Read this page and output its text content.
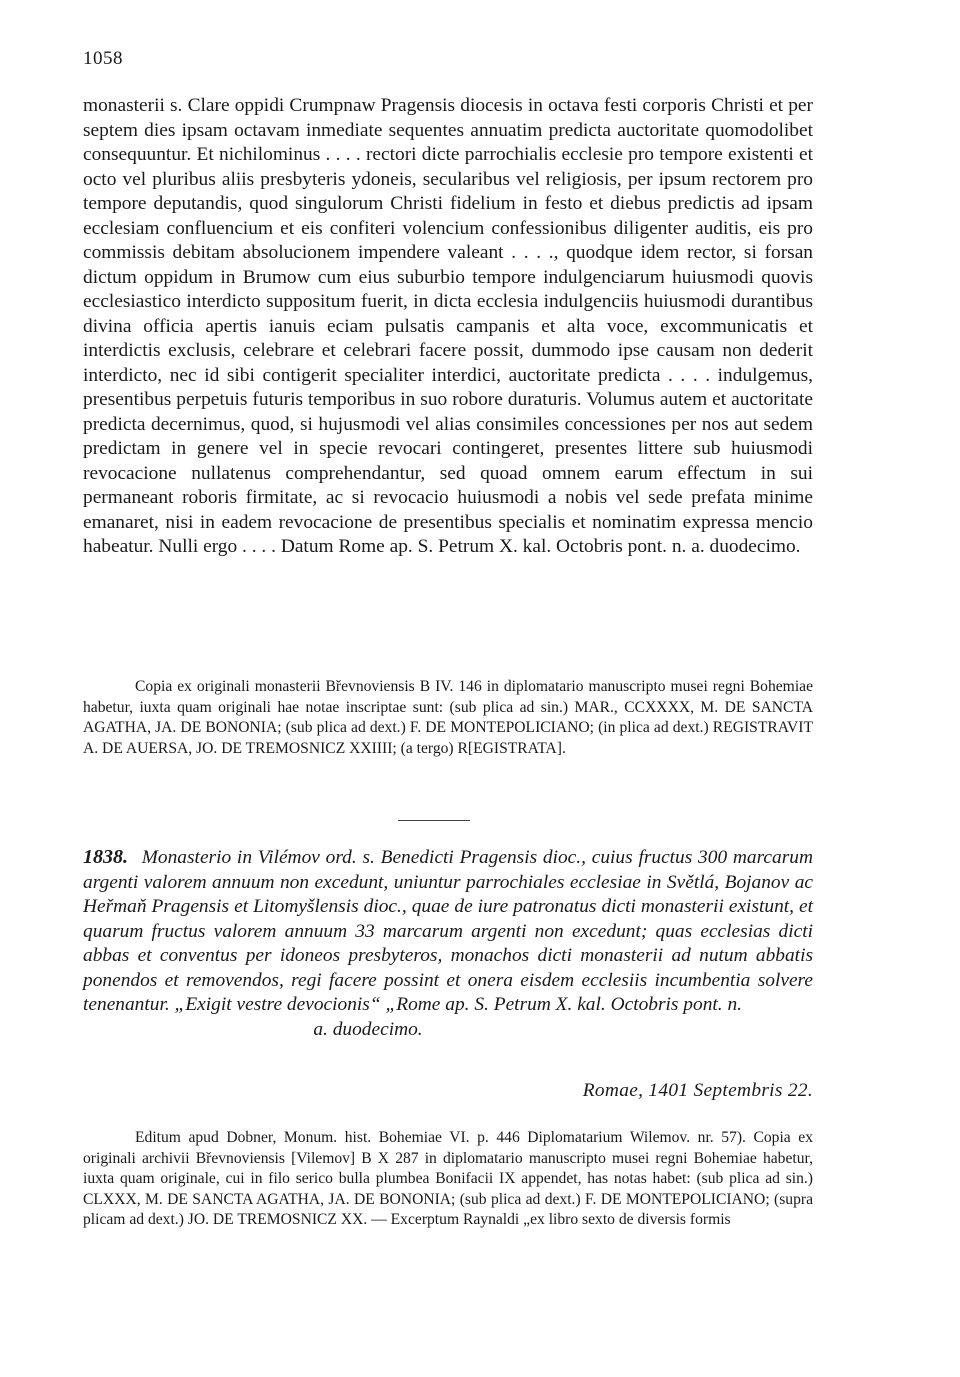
1058

monasterii s. Clare oppidi Crumpnaw Pragensis diocesis in octava festi corporis Christi et per septem dies ipsam octavam inmediate sequentes annuatim predicta auctoritate quomodolibet consequuntur. Et nichilominus . . . . rectori dicte parrochialis ecclesie pro tempore existenti et octo vel pluribus aliis presbyteris ydoneis, secularibus vel religiosis, per ipsum rectorem pro tempore deputandis, quod singulorum Christi fidelium in festo et diebus predictis ad ipsam ecclesiam confluencium et eis confiteri volencium confessionibus diligenter auditis, eis pro commissis debitam absolucionem impendere valeant . . . ., quodque idem rector, si forsan dictum oppidum in Brumow cum eius suburbio tempore indulgenciarum huiusmodi quovis ecclesiastico interdicto suppositum fuerit, in dicta ecclesia indulgenciis huiusmodi durantibus divina officia apertis ianuis eciam pulsatis campanis et alta voce, excommunicatis et interdictis exclusis, celebrare et celebrari facere possit, dummodo ipse causam non dederit interdicto, nec id sibi contigerit specialiter interdici, auctoritate predicta . . . . indulgemus, presentibus perpetuis futuris temporibus in suo robore duraturis. Volumus autem et auctoritate predicta decernimus, quod, si hujusmodi vel alias consimiles concessiones per nos aut sedem predictam in genere vel in specie revocari contingeret, presentes littere sub huiusmodi revocacione nullatenus comprehendantur, sed quoad omnem earum effectum in sui permaneant roboris firmitate, ac si revocacio huiusmodi a nobis vel sede prefata minime emanaret, nisi in eadem revocacione de presentibus specialis et nominatim expressa mencio habeatur. Nulli ergo . . . . Datum Rome ap. S. Petrum X. kal. Octobris pont. n. a. duodecimo.

Copia ex originali monasterii Břevnoviensis B IV. 146 in diplomatario manuscripto musei regni Bohemiae habetur, iuxta quam originali hae notae inscriptae sunt: (sub plica ad sin.) MAR., CCXXXX, M. DE SANCTA AGATHA, JA. DE BONONIA; (sub plica ad dext.) F. DE MONTEPOLICIANO; (in plica ad dext.) REGISTRAVIT A. DE AUERSA, JO. DE TREMOSNICZ XXIIII; (a tergo) R[EGISTRATA].

1838. Monasterio in Vilémov ord. s. Benedicti Pragensis dioc., cuius fructus 300 marcarum argenti valorem annuum non excedunt, uniuntur parrochiales ecclesiae in Světlá, Bojanov ac Heřmaň Pragensis et Litomyšlensis dioc., quae de iure patronatus dicti monasterii existunt, et quarum fructus valorem annuum 33 marcarum argenti non excedunt; quas ecclesias dicti abbas et conventus per idoneos presbyteros, monachos dicti monasterii ad nutum abbatis ponendos et removendos, regi facere possint et onera eisdem ecclesiis incumbentia solvere tenenantur. „Exigit vestre devocionis“ „Rome ap. S. Petrum X. kal. Octobris pont. n.
a. duodecimo.

Romae, 1401 Septembris 22.

Editum apud Dobner, Monum. hist. Bohemiae VI. p. 446 Diplomatarium Wilemov. nr. 57). Copia ex originali archivii Břevnoviensis [Vilemov] B X 287 in diplomatario manuscripto musei regni Bohemiae habetur, iuxta quam originale, cui in filo serico bulla plumbea Bonifacii IX appendet, has notas habet: (sub plica ad sin.) CLXXX, M. DE SANCTA AGATHA, JA. DE BONONIA; (sub plica ad dext.) F. DE MONTEPOLICIANO; (supra plicam ad dext.) JO. DE TREMOSNICZ XX. — Excerptum Raynaldi „ex libro sexto de diversis formis
